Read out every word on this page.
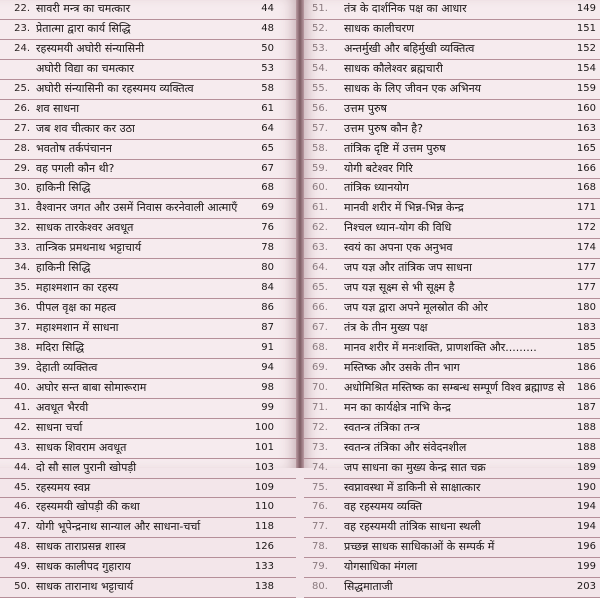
22. सावरी मन्त्र का चमत्कार	44
23. प्रेतात्मा द्वारा कार्य सिद्धि	48
24. रहस्यमयी अघोरी संन्यासिनी	50
अघोरी विद्या का चमत्कार	53
25. अघोरी संन्यासिनी का रहस्यमय व्यक्तित्व	58
26. शव साधना	61
27. जब शव चीत्कार कर उठा	64
28. भवतोष तर्कपंचानन	65
29. वह पगली कौन थी?	67
30. हाकिनी सिद्धि	68
31. वैश्वानर जगत और उसमें निवास करनेवाली आत्माएँ	69
32. साधक तारकेश्वर अवधूत	76
33. तान्त्रिक प्रमथनाथ भट्टाचार्य	78
34. हाकिनी सिद्धि	80
35. महाश्मशान का रहस्य	84
36. पीपल वृक्ष का महत्व	86
37. महाश्मशान में साधना	87
38. मदिरा सिद्धि	91
39. देहाती व्यक्तित्व	94
40. अघोर सन्त बाबा सोमारूराम	98
41. अवधूत भैरवी	99
42. साधना चर्चा	100
43. साधक शिवराम अवधूत	101
44. दो सौ साल पुरानी खोपड़ी	103
45. रहस्यमय स्वप्न	109
46. रहस्यमयी खोपड़ी की कथा	110
47. योगी भूपेन्द्रनाथ सान्याल और साधना-चर्चा	118
48. साधक ताराप्रसन्न शास्त्र	126
49. साधक कालीपद गुहाराय	133
50. साधक तारानाथ भट्टाचार्य	138
51.	तंत्र के दार्शनिक पक्ष का आधार	149
52.	साधक कालीचरण	151
53.	अन्तर्मुखी और बहिर्मुखी व्यक्तित्व	152
54.	साधक कौलेश्वर ब्रह्मचारी	154
55.	साधक के लिए जीवन एक अभिनय	159
56.	उत्तम पुरुष	160
57.	उत्तम पुरुष कौन है?	163
58.	तांत्रिक दृष्टि में उत्तम पुरुष	165
59.	योगी बटेश्वर गिरि	166
60.	तांत्रिक ध्यानयोग	168
61.	मानवी शरीर में भिन्न-भिन्न केन्द्र	171
62.	निश्चल ध्यान-योग की विधि	172
63.	स्वयं का अपना एक अनुभव	174
64.	जप यज्ञ और तांत्रिक जप साधना	177
65.	जप यज्ञ सूक्ष्म से भी सूक्ष्म है	177
66.	जप यज्ञ द्वारा अपने मूलस्रोत की ओर	180
67.	तंत्र के तीन मुख्य पक्ष	183
68.	मानव शरीर में मनःशक्ति, प्राणशक्ति और.........	185
69.	मस्तिष्क और उसके तीन भाग	186
70.	अधोमिश्रित मस्तिष्क का सम्बन्ध सम्पूर्ण विश्व ब्रह्माण्ड से	186
71.	मन का कार्यक्षेत्र नाभि केन्द्र	187
72.	स्वतन्त्र तंत्रिका तन्त्र	188
73.	स्वतन्त्र तंत्रिका और संवेदनशील	188
74.	जप साधना का मुख्य केन्द्र सात चक्र	189
75.	स्वप्नावस्था में डाकिनी से साक्षात्कार	190
76.	वह रहस्यमय व्यक्ति	194
77.	वह रहस्यमयी तांत्रिक साधना स्थली	194
78.	प्रच्छन्न साधक साधिकाओं के सम्पर्क में	196
79.	योगसाधिका मंगला	199
80.	सिद्धमाताजी	203
